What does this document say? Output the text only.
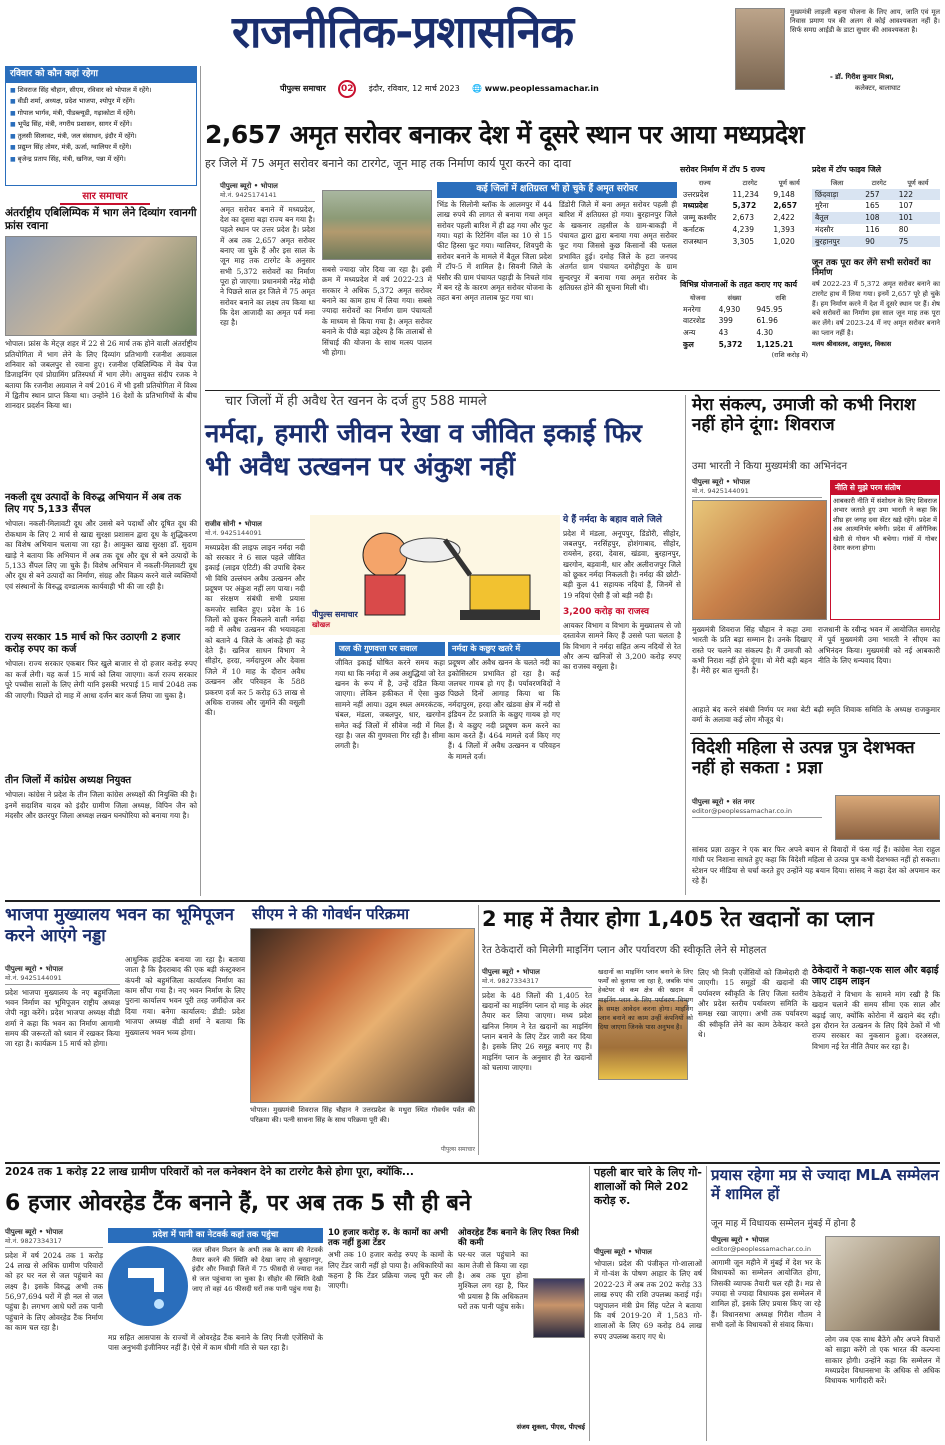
राजनीतिक-प्रशासनिक
पीपुल्स समाचार 02 इंदौर, रविवार, 12 मार्च 2023 🌐 www.peoplessamachar.in
मुख्यमंत्री लाड़ली बहना योजना के लिए आय, जाति एवं मूल निवास प्रमाण पत्र की अलग से कोई आवश्यकता नहीं है। सिर्फ समग्र आईडी के डाटा सुधार की आवश्यकता है।
- डॉ. गिरीश कुमार मिश्रा,
कलेक्टर, बालाघाट
रविवार को कौन कहां रहेगा
■ शिवराज सिंह चौहान, सीएम, रविवार को भोपाल में रहेंगे।
■ वीडी शर्मा, अध्यक्ष, प्रदेश भाजपा, श्योपुर में रहेंगे।
■ गोपाल भार्गव, मंत्री, पीडब्ल्यूडी, गढ़ाकोटा में रहेंगे।
■ भूपेंद्र सिंह, मंत्री, नगरीय प्रशासन, सागर में रहेंगे।
■ तुलसी सिलावट, मंत्री, जल संसाधन, इंदौर में रहेंगे।
■ प्रद्युम्न सिंह तोमर, मंत्री, ऊर्जा, ग्वालियर में रहेंगे।
■ बृजेन्द्र प्रताप सिंह, मंत्री, खनिज, पन्ना में रहेंगे।
सार समाचार
अंतर्राष्ट्रीय एबिलिम्पिक में भाग लेने दिव्यांग रवानगी फ्रांस रवाना
भोपाल। फ्रांस के मेट्ज़ शहर में 22 से 26 मार्च तक होने वाली अंतर्राष्ट्रीय प्रतियोगिता में भाग लेने के लिए दिव्यांग प्रतिभागी रजनीश अग्रवाल शनिवार को जबलपुर से रवाना हुए। रजनीश एबिलिम्पिक में वेब पेज डिजाइनिंग एवं प्रोग्रामिंग प्रतिस्पर्धा में भाग लेंगे। आयुक्त संदीप रजक ने बताया कि रजनीश अग्रवाल ने वर्ष 2016 में भी इसी प्रतियोगिता में विश्व में द्वितीय स्थान प्राप्त किया था। उन्होंने 16 देशों के प्रतिभागियों के बीच शानदार प्रदर्शन किया था।
नकली दूध उत्पादों के विरुद्ध अभियान में अब तक लिए गए 5,133 सैंपल
भोपाल। नकली-मिलावटी दूध और उससे बने पदार्थों और दूषित दूध की रोकथाम के लिए 2 मार्च से खाद्य सुरक्षा प्रशासन द्वारा दूध के शुद्धिकरण का विशेष अभियान चलाया जा रहा है। आयुक्त खाद्य सुरक्षा डॉ. सुदाम खाड़े ने बताया कि अभियान में अब तक दूध और दूध से बने उत्पादों के 5,133 सैंपल लिए जा चुके हैं। विशेष अभियान में नकली-मिलावटी दूध और दूध से बने उत्पादों का निर्माण, संग्रह और विक्रय करने वाले व्यक्तियों एवं संस्थानों के विरुद्ध दण्डात्मक कार्यवाही भी की जा रही है।
राज्य सरकार 15 मार्च को फिर उठाएगी 2 हजार करोड़ रुपए का कर्ज
भोपाल। राज्य सरकार एकबार फिर खुले बाजार से दो हजार करोड़ रुपए का कर्ज लेगी। यह कर्ज 15 मार्च को लिया जाएगा। कर्ज राज्य सरकार पूरे पच्चीस सालों के लिए लेगी यानि इसकी भरपाई 15 मार्च 2048 तक की जाएगी। पिछले दो माह में आधा दर्जन बार कर्ज लिया जा चुका है।
तीन जिलों में कांग्रेस अध्यक्ष नियुक्त
भोपाल। कांग्रेस ने प्रदेश के तीन जिला कांग्रेस अध्यक्षों की नियुक्ति की है। इनमें सदाशिव यादव को इंदौर ग्रामीण जिला अध्यक्ष, विपिन जैन को मंदसौर और छतरपुर जिला अध्यक्ष लखन घनघोरिया को बनाया गया है।
2,657 अमृत सरोवर बनाकर देश में दूसरे स्थान पर आया मध्यप्रदेश
हर जिले में 75 अमृत सरोवर बनाने का टारगेट, जून माह तक निर्माण कार्य पूरा करने का दावा
पीपुल्स ब्यूरो • भोपाल
मो.नं. 9425174141
अमृत सरोवर बनाने में मध्यप्रदेश, देश का दूसरा बड़ा राज्य बन गया है। पहले स्थान पर उत्तर प्रदेश है। प्रदेश में अब तक 2,657 अमृत सरोवर बनाए जा चुके हैं और इस साल के जून माह तक टारगेट के अनुसार सभी 5,372 सरोवरों का निर्माण पूरा हो जाएगा। प्रधानमंत्री नरेंद्र मोदी ने पिछले साल हर जिले में 75 अमृत सरोवर बनाने का लक्ष्य तय किया था कि देश आजादी का अमृत पर्व मना रहा है।
सबसे ज्यादा जोर दिया जा रहा है। इसी क्रम में मध्यप्रदेश में वर्ष 2022-23 में सरकार ने अधिक 5,372 अमृत सरोवर बनाने का काम हाथ में लिया गया। सबसे ज्यादा सरोवरों का निर्माण ग्राम पंचायतों के माध्यम से किया गया है। अमृत सरोवर बनाने के पीछे बड़ा उद्देश्य है कि तालाबों से सिंचाई की योजना के साथ मत्स्य पालन भी होगा।
कई जिलों में क्षतिग्रस्त भी हो चुके हैं अमृत सरोवर
भिंड के सिलोनी ब्लॉक के आलमपुर में 44 लाख रुपये की लागत से बनाया गया अमृत सरोवर पहली बारिश में ही ढह गया और फूट गया। यहां के रिटेनिंग वॉल का 10 से 15 फीट हिस्सा फूट गया। ग्वालियर, शिवपुरी के सरोवर बनाने के मामले में बैतूल जिला प्रदेश में टॉप-5 में शामिल है। सिवनी जिले के घंसौर की ग्राम पंचायत पहाड़ी के निचले गांव में बन रहे के कारण अमृत सरोवर योजना के तहत बना अमृत तालाब फूट गया था।
डिंडोरी जिले में बना अमृत सरोवर पहली ही बारिश में क्षतिग्रस्त हो गया। बुरहानपुर जिले के खकनार तहसील के ग्राम-बाकड़ी में पंचायत द्वारा द्वारा बनाया गया अमृत सरोवर फूट गया जिससे कुछ किसानों की फसल प्रभावित हुई। दमोह जिले के हटा जनपद अंतर्गत ग्राम पंचायत दमोहीपुरा के ग्राम सुन्दरपुर में बनाया गया अमृत सरोवर के क्षतिग्रस्त होने की सूचना मिली थी।
सरोवर निर्माण में टॉप 5 राज्य
राज्य	टारगेट	पूर्ण कार्य
उत्तरप्रदेश	11,234	9,148
मध्यप्रदेश	5,372	2,657
जम्मू कश्मीर	2,673	2,422
कर्नाटक	4,239	1,393
राजस्थान	3,305	1,020
विभिन्न योजनाओं के तहत कराए गए कार्य
योजना	संख्या	राशि
मनरेगा	4,930	945.95
वाटरशेड	399	61.96
अन्य	43	4.30
कुल	5,372	1,125.21
(राशि करोड़ में)
प्रदेश में टॉप फाइव जिले
जिला	टारगेट	पूर्ण कार्य
छिंदवाड़ा	257	122
मुरैना	165	107
बैतूल	108	101
मंदसौर	116	80
बुरहानपुर	90	75
जून तक पूरा कर लेंगे सभी सरोवरों का निर्माण
वर्ष 2022-23 में 5,372 अमृत सरोवर बनाने का टारगेट हाथ में लिया गया। इनमें 2,657 पूरे हो चुके हैं। हम निर्माण करने में देश में दूसरे स्थान पर हैं। शेष बचे सरोवरों का निर्माण इस साल जून माह तक पूरा कर लेंगे। वर्ष 2023-24 में नए अमृत सरोवर बनाने का प्लान नहीं है।
मलय श्रीवास्तव, आयुक्त, विकास
चार जिलों में ही अवैध रेत खनन के दर्ज हुए 588 मामले
नर्मदा, हमारी जीवन रेखा व जीवित इकाई फिर भी अवैध उत्खनन पर अंकुश नहीं
राजीव सोनी • भोपाल
मो.नं. 9425144091
मध्यप्रदेश की लाइफ लाइन नर्मदा नदी को सरकार ने 6 साल पहले जीवित इकाई (लाइव एंटिटी) की उपाधि देकर भी विधि उल्लंघन अवैध उत्खनन और प्रदूषण पर अंकुश नहीं लग पाया। नदी का संरक्षण संबंधी सभी प्रयास कमजोर साबित हुए। प्रदेश के 16 जिलों को छूकर निकलने वाली नर्मदा नदी में अवैध उत्खनन की भयावहता को बताने 4 जिले के आंकड़े ही कह देते हैं। खनिज साधन विभाग ने सीहोर, हरदा, नर्मदापुरम और देवास जिले में 10 माह के दौरान अवैध उत्खनन और परिवहन के 588 प्रकरण दर्ज कर 5 करोड़ 63 लाख से अधिक राजस्व और जुर्माने की वसूली की।
पीपुल्स समाचार
खोखल
जल की गुणवत्ता पर सवाल
जीवित इकाई घोषित करने समय कहा गया था कि नर्मदा में अब अशुद्धियां जो रेत खनन के रूप में है, उन्हें दंडित किया जाएगा। लेकिन हकीकत में ऐसा कुछ सामने नहीं आया। उद्गम स्थल अमरकंटक, चंबल, मंडला, जबलपुर, धार, खरगोन समेत कई जिलों में सीवेज नदी में मिल रहा है। जल की गुणवत्ता गिर रही है। सीमा लगती है।
नर्मदा के कछुए खतरे में
प्रदूषण और अवैध खनन के चलते नदी का इकोसिस्टम प्रभावित हो रहा है। कई जलचर गायब हो गए हैं। पर्यावरणविदों ने पिछले दिनों आगाह किया था कि नर्मदापुरम, हरदा और खंडवा क्षेत्र में नदी से इंडियन टेंट प्रजाति के कछुए गायब हो गए हैं। ये कछुए नदी प्रदूषण कम करने का काम करते हैं। 464 मामले दर्ज किए गए हैं। 4 जिलों में अवैध उत्खनन व परिवहन के मामले दर्ज।
ये हैं नर्मदा के बहाव वाले जिले
प्रदेश में मंडला, अनूपपुर, डिंडोरी, सीहोर, जबलपुर, नरसिंहपुर, होशंगाबाद, सीहोर, रायसेन, हरदा, देवास, खंडवा, बुरहानपुर, खरगोन, बड़वानी, धार और अलीराजपुर जिले को छूकर नर्मदा निकलती है। नर्मदा की छोटी-बड़ी कुल 41 सहायक नदियां हैं, जिनमें से 19 नदियां ऐसी हैं जो बड़ी नदी हैं।
3,200 करोड़ का राजस्व
आयकर विभाग व विभाग के मुख्यालय से जो दस्तावेज सामने किए हैं उससे पता चलता है कि विभाग ने नर्मदा सहित अन्य नदियों से रेत और अन्य खनिजों से 3,200 करोड़ रुपए का राजस्व वसूला है।
मेरा संकल्प, उमाजी को कभी निराश नहीं होने दूंगा: शिवराज
उमा भारती ने किया मुख्यमंत्री का अभिनंदन
पीपुल्स ब्यूरो • भोपाल
मो.नं. 9425144091	नीति से मुझे परम संतोष
आबकारी नीति में संशोधन के लिए शिवराज अभार जताते हुए उमा भारती ने कहा कि शीघ्र हर जगह दवा सेंटर खड़े रहेंगे। प्रदेश में अब आत्मनिर्भर बनेगी। प्रदेश में ऑगैनिक खेती से गोधन भी बचेगा। गांवों में गोबर देवार करना होगा।
मुख्यमंत्री शिवराज सिंह चौहान ने कहा उमा भारती के प्रति बड़ा सम्मान है। उनके दिखाए रास्ते पर चलने का संकल्प है। मैं उमाजी को कभी निराश नहीं होने दूंगा। वो मेरी बड़ी बहन हैं। मेरी हर बात सुनती हैं।
राजधानी के रवीन्द्र भवन में आयोजित समारोह में पूर्व मुख्यमंत्री उमा भारती ने सीएम का अभिनंदन किया। मुख्यमंत्री को नई आबकारी नीति के लिए धन्यवाद दिया।
आहाते बंद करने संबंधी निर्णय पर मधा बेटी बढ़ी स्मृति शिवाक समिति के अध्यक्ष राजकुमार वर्मा के अलावा कई लोग मौजूद थे।
विदेशी महिला से उत्पन्न पुत्र देशभक्त नहीं हो सकता : प्रज्ञा
पीपुल्स ब्यूरो • संत नगर
editor@peoplessamachar.co.in
सांसद प्रज्ञा ठाकुर ने एक बार फिर अपने बयान से विवादों में फंस गई हैं। कांग्रेस नेता राहुल गांधी पर निशाना साधते हुए कहा कि विदेशी महिला से उत्पन्न पुत्र कभी देशभक्त नहीं हो सकता। स्टेशन पर मीडिया से चर्चा करते हुए उन्होंने यह बयान दिया। सांसद ने कहा देश को अपमान कर रहे हैं।
भाजपा मुख्यालय भवन का भूमिपूजन करने आएंगे नड्डा
पीपुल्स ब्यूरो • भोपाल
मो.नं. 9425144091
प्रदेश भाजपा मुख्यालय के नए बहुमंजिला भवन निर्माण का भूमिपूजन राष्ट्रीय अध्यक्ष जेपी नड्डा करेंगे। प्रदेश भाजपा अध्यक्ष वीडी शर्मा ने कहा कि भवन का निर्माण आगामी समय की जरूरतों को ध्यान में रखकर किया जा रहा है। कार्यक्रम 15 मार्च को होगा।
आधुनिक हाईटेक बनाया जा रहा है। बताया जाता है कि हैदराबाद की एक बड़ी कंस्ट्रक्शन कंपनी को बहुमंजिला कार्यालय निर्माण का काम सौंपा गया है। नए भवन निर्माण के लिए पुराना कार्यालय भवन पूरी तरह जमींदोज कर दिया गया। बनेगा कार्यालय: डीडी: प्रदेश भाजपा अध्यक्ष वीडी शर्मा ने बताया कि मुख्यालय भवन भव्य होगा।
सीएम ने की गोवर्धन परिक्रमा
भोपाल। मुख्यमंत्री शिवराज सिंह चौहान ने उत्तरप्रदेश के मथुरा स्थित गोवर्धन पर्वत की परिक्रमा की। पत्नी साधना सिंह के साथ परिक्रमा पूरी की।
पीपुल्स समाचार
2 माह में तैयार होगा 1,405 रेत खदानों का प्लान
रेत ठेकेदारों को मिलेगी माइनिंग प्लान और पर्यावरण की स्वीकृति लेने से मोहलत
पीपुल्स ब्यूरो • भोपाल
मो.नं. 9827334317
प्रदेश के 48 जिलों की 1,405 रेत खदानों का माइनिंग प्लान दो माह के अंदर तैयार कर लिया जाएगा। मध्य प्रदेश खनिज निगम ने रेत खदानों का माइनिंग प्लान बनाने के लिए टेंडर जारी कर दिया है। इसके लिए 26 समूह बनाए गए हैं। माइनिंग प्लान के अनुसार ही रेत खदानों को चलाया जाएगा।
खदानों का माइनिंग प्लान बनाने के लिए फर्मों को बुलाया जा रहा है, जबकि पांच हेक्टेयर से कम क्षेत्र की खदान में माइनिंग प्लान के लिए पर्यावरण विभाग के समक्ष आवेदन करना होगा। माइनिंग प्लान बनाने का काम उन्हीं कंपनियों को दिया जाएगा जिनके पास अनुभव है।
लिए भी निजी एजेंसियों को जिम्मेदारी दी जाएगी। 15 समूहों की खदानों की पर्यावरण स्वीकृति के लिए जिला स्तरीय और प्रदेश स्तरीय पर्यावरण समिति के समक्ष रखा जाएगा। अभी तक पर्यावरण की स्वीकृति लेने का काम ठेकेदार करते थे।
ठेकेदारों ने कहा-एक साल और बढ़ाई जाए टाइम लाइन
ठेकेदारों ने विभाग के सामने मांग रखी है कि खदान चलाने की समय सीमा एक साल और बढ़ाई जाए, क्योंकि कोरोना में खदाने बंद रही। इस दौरान रेत उत्खनन के लिए दिये ठेकों में भी राज्य सरकार का नुकसान हुआ। दरअसल, विभाग नई रेत नीति तैयार कर रहा है।
2024 तक 1 करोड़ 22 लाख ग्रामीण परिवारों को नल कनेक्शन देने का टारगेट कैसे होगा पूरा, क्योंकि...
6 हजार ओवरहेड टैंक बनाने हैं, पर अब तक 5 सौ ही बने
पीपुल्स ब्यूरो • भोपाल
मो.नं. 9827334317
प्रदेश में वर्ष 2024 तक 1 करोड़ 24 लाख से अधिक ग्रामीण परिवारों को हर घर नल से जल पहुंचाने का लक्ष्य है। इसके विरुद्ध अभी तक 56,97,694 घरों में ही नल से जल पहुंचा है। लगभग आधे घरों तक पानी पहुंचाने के लिए ओवरहेड टैंक निर्माण का काम चल रहा है।
प्रदेश में पानी का नेटवर्क कहां तक पहुंचा
जल जीवन मिशन के अभी तक के काम की नेटवर्क तैयार करने की स्थिति को देखा जाए तो बुरहानपुर, इंदौर और निवाड़ी जिले में 75 फीसदी से ज्यादा नल से जल पहुंचाया जा चुका है। सीहोर की स्थिति देखी जाए तो वहां 46 फीसदी घरों तक पानी पहुंच गया है।
मप्र सहित आसपास के राज्यों में ओवरहेड टैंक बनाने के लिए निजी एजेंसियों के पास अनुभवी इंजीनियर नहीं हैं। ऐसे में काम धीमी गति से चल रहा है।
10 हजार करोड़ रु. के कामों का अभी तक नहीं हुआ टेंडर
अभी तक 10 हजार करोड़ रुपए के कामों के लिए टेंडर जारी नहीं हो पाया है। अधिकारियों का कहना है कि टेंडर प्रक्रिया जल्द पूरी कर ली जाएगी।
ओवरहेड टैंक बनाने के लिए रिक्त मिश्री की कमी
घर-घर जल पहुंचाने का काम तेजी से किया जा रहा है। अब तक पूरा होना मुश्किल लग रहा है, फिर भी प्रयास है कि अधिकतम घरों तक पानी पहुंच सके।
संजय शुक्ला, पीएस, पीएचई
पहली बार चारे के लिए गो-शालाओं को मिले 202 करोड़ रु.
पीपुल्स ब्यूरो • भोपाल
भोपाल। प्रदेश की पंजीकृत गो-शालाओं में गो-वंश के पोषण आहार के लिए वर्ष 2022-23 में अब तक 202 करोड़ 33 लाख रुपए की राशि उपलब्ध कराई गई। पशुपालन मंत्री प्रेम सिंह पटेल ने बताया कि वर्ष 2019-20 में 1,583 गो-शालाओं के लिए 69 करोड़ 84 लाख रुपए उपलब्ध कराए गए थे।
प्रयास रहेगा मप्र से ज्यादा MLA सम्मेलन में शामिल हों
जून माह में विधायक सम्मेलन मुंबई में होना है
पीपुल्स ब्यूरो • भोपाल
editor@peoplessamachar.co.in
आगामी जून महीने में मुंबई में देश भर के विधायकों का सम्मेलन आयोजित होगा, जिसकी व्यापक तैयारी चल रही है। मप्र से ज्यादा से ज्यादा विधायक इस सम्मेलन में शामिल हों, इसके लिए प्रयास किए जा रहे हैं। विधानसभा अध्यक्ष गिरीश गौतम ने सभी दलों के विधायकों से संवाद किया।
लोग जब एक साथ बैठेंगे और अपने विचारों को साझा करेंगे तो एक भारत की कल्पना साकार होगी। उन्होंने कहा कि सम्मेलन में मध्यप्रदेश विधानसभा के अधिक से अधिक विधायक भागीदारी करें।
